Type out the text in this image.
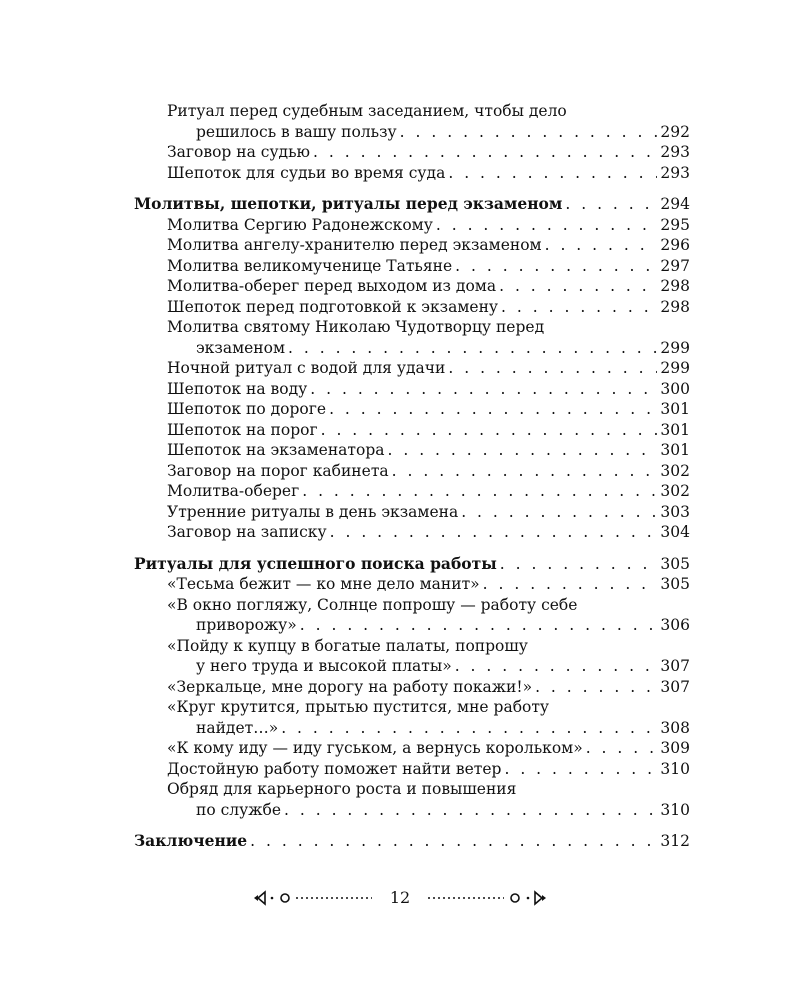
Ритуал перед судебным заседанием, чтобы дело
решилось в вашу пользу . . .	292
Заговор на судью . . .	293
Шепоток для судьи во время суда . . .	293
Молитвы, шепотки, ритуалы перед экзаменом . . .	294
Молитва Сергию Радонежскому . . .	295
Молитва ангелу-хранителю перед экзаменом . . .	296
Молитва великомученице Татьяне . . .	297
Молитва-оберег перед выходом из дома . . .	298
Шепоток перед подготовкой к экзамену . . .	298
Молитва святому Николаю Чудотворцу перед
экзаменом . . .	299
Ночной ритуал с водой для удачи . . .	299
Шепоток на воду . . .	300
Шепоток по дороге . . .	301
Шепоток на порог . . .	301
Шепоток на экзаменатора . . .	301
Заговор на порог кабинета . . .	302
Молитва-оберег . . .	302
Утренние ритуалы в день экзамена . . .	303
Заговор на записку . . .	304
Ритуалы для успешного поиска работы . . .	305
«Тесьма бежит — ко мне дело манит» . . .	305
«В окно погляжу, Солнце попрошу — работу себе
приворожу» . . .	306
«Пойду к купцу в богатые палаты, попрошу
у него труда и высокой платы» . . .	307
«Зеркальце, мне дорогу на работу покажи!» . . .	307
«Круг крутится, прытью пустится, мне работу
найдет…» . . .	308
«К кому иду — иду гуськом, а вернусь корольком» . . .	309
Достойную работу поможет найти ветер . . .	310
Обряд для карьерного роста и повышения
по службе . . .	310
Заключение . . .	312
12
